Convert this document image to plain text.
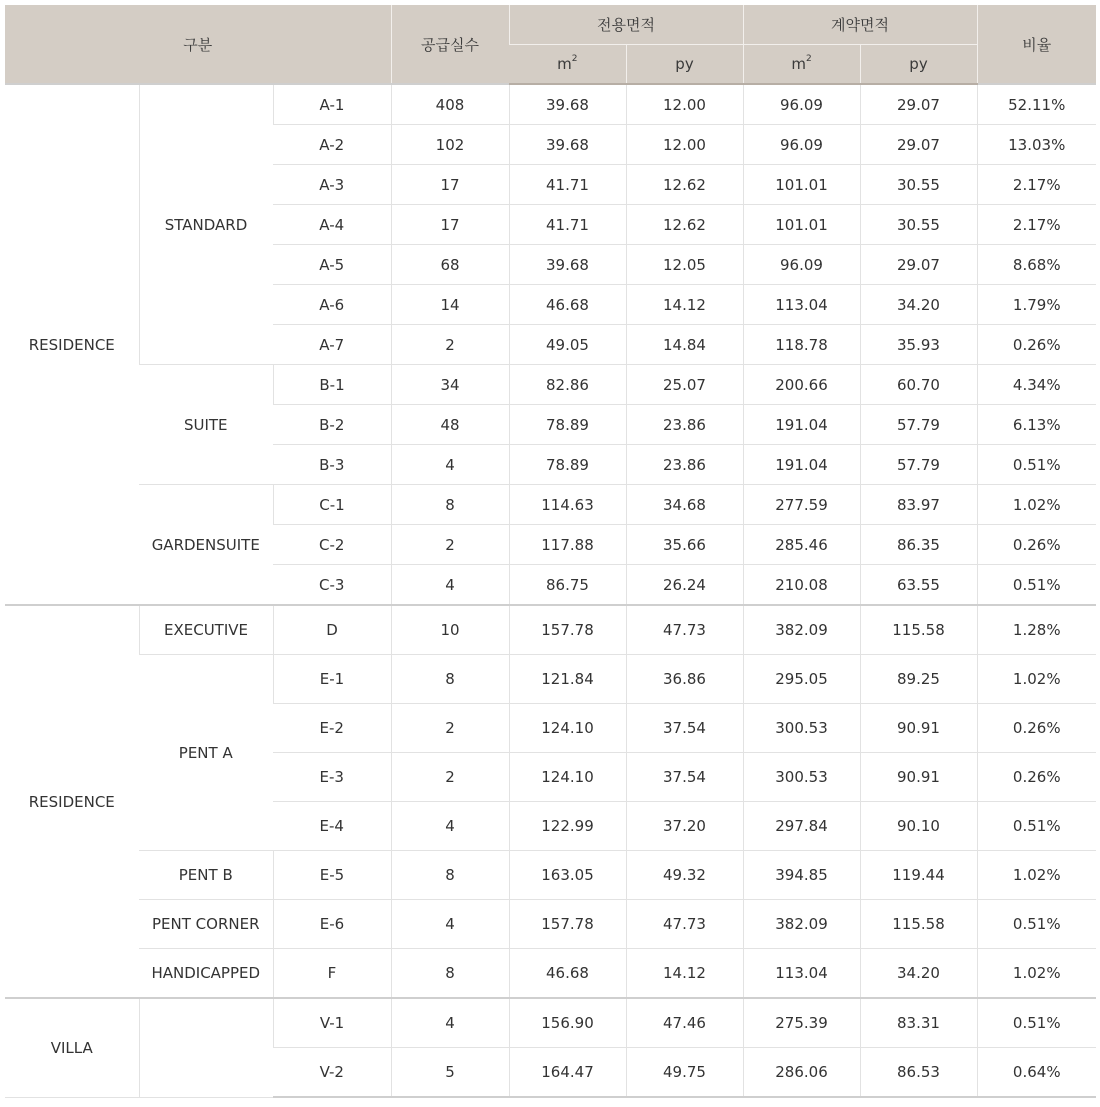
구분			공급실수	전용면적		계약면적		비율
				$m^2$	py	$m^2$	py	
RESIDENCE	STANDARD	A-1	408	39.68	12.00	96.09	29.07	52.11%
		A-2	102	39.68	12.00	96.09	29.07	13.03%
		A-3	17	41.71	12.62	101.01	30.55	2.17%
		A-4	17	41.71	12.62	101.01	30.55	2.17%
		A-5	68	39.68	12.05	96.09	29.07	8.68%
		A-6	14	46.68	14.12	113.04	34.20	1.79%
		A-7	2	49.05	14.84	118.78	35.93	0.26%
	SUITE	B-1	34	82.86	25.07	200.66	60.70	4.34%
		B-2	48	78.89	23.86	191.04	57.79	6.13%
		B-3	4	78.89	23.86	191.04	57.79	0.51%
	GARDENSUITE	C-1	8	114.63	34.68	277.59	83.97	1.02%
		C-2	2	117.88	35.66	285.46	86.35	0.26%
		C-3	4	86.75	26.24	210.08	63.55	0.51%
RESIDENCE	EXECUTIVE	D	10	157.78	47.73	382.09	115.58	1.28%
	PENT A	E-1	8	121.84	36.86	295.05	89.25	1.02%
		E-2	2	124.10	37.54	300.53	90.91	0.26%
		E-3	2	124.10	37.54	300.53	90.91	0.26%
		E-4	4	122.99	37.20	297.84	90.10	0.51%
	PENT B	E-5	8	163.05	49.32	394.85	119.44	1.02%
	PENT CORNER	E-6	4	157.78	47.73	382.09	115.58	0.51%
	HANDICAPPED	F	8	46.68	14.12	113.04	34.20	1.02%
VILLA		V-1	4	156.90	47.46	275.39	83.31	0.51%
		V-2	5	164.47	49.75	286.06	86.53	0.64%
